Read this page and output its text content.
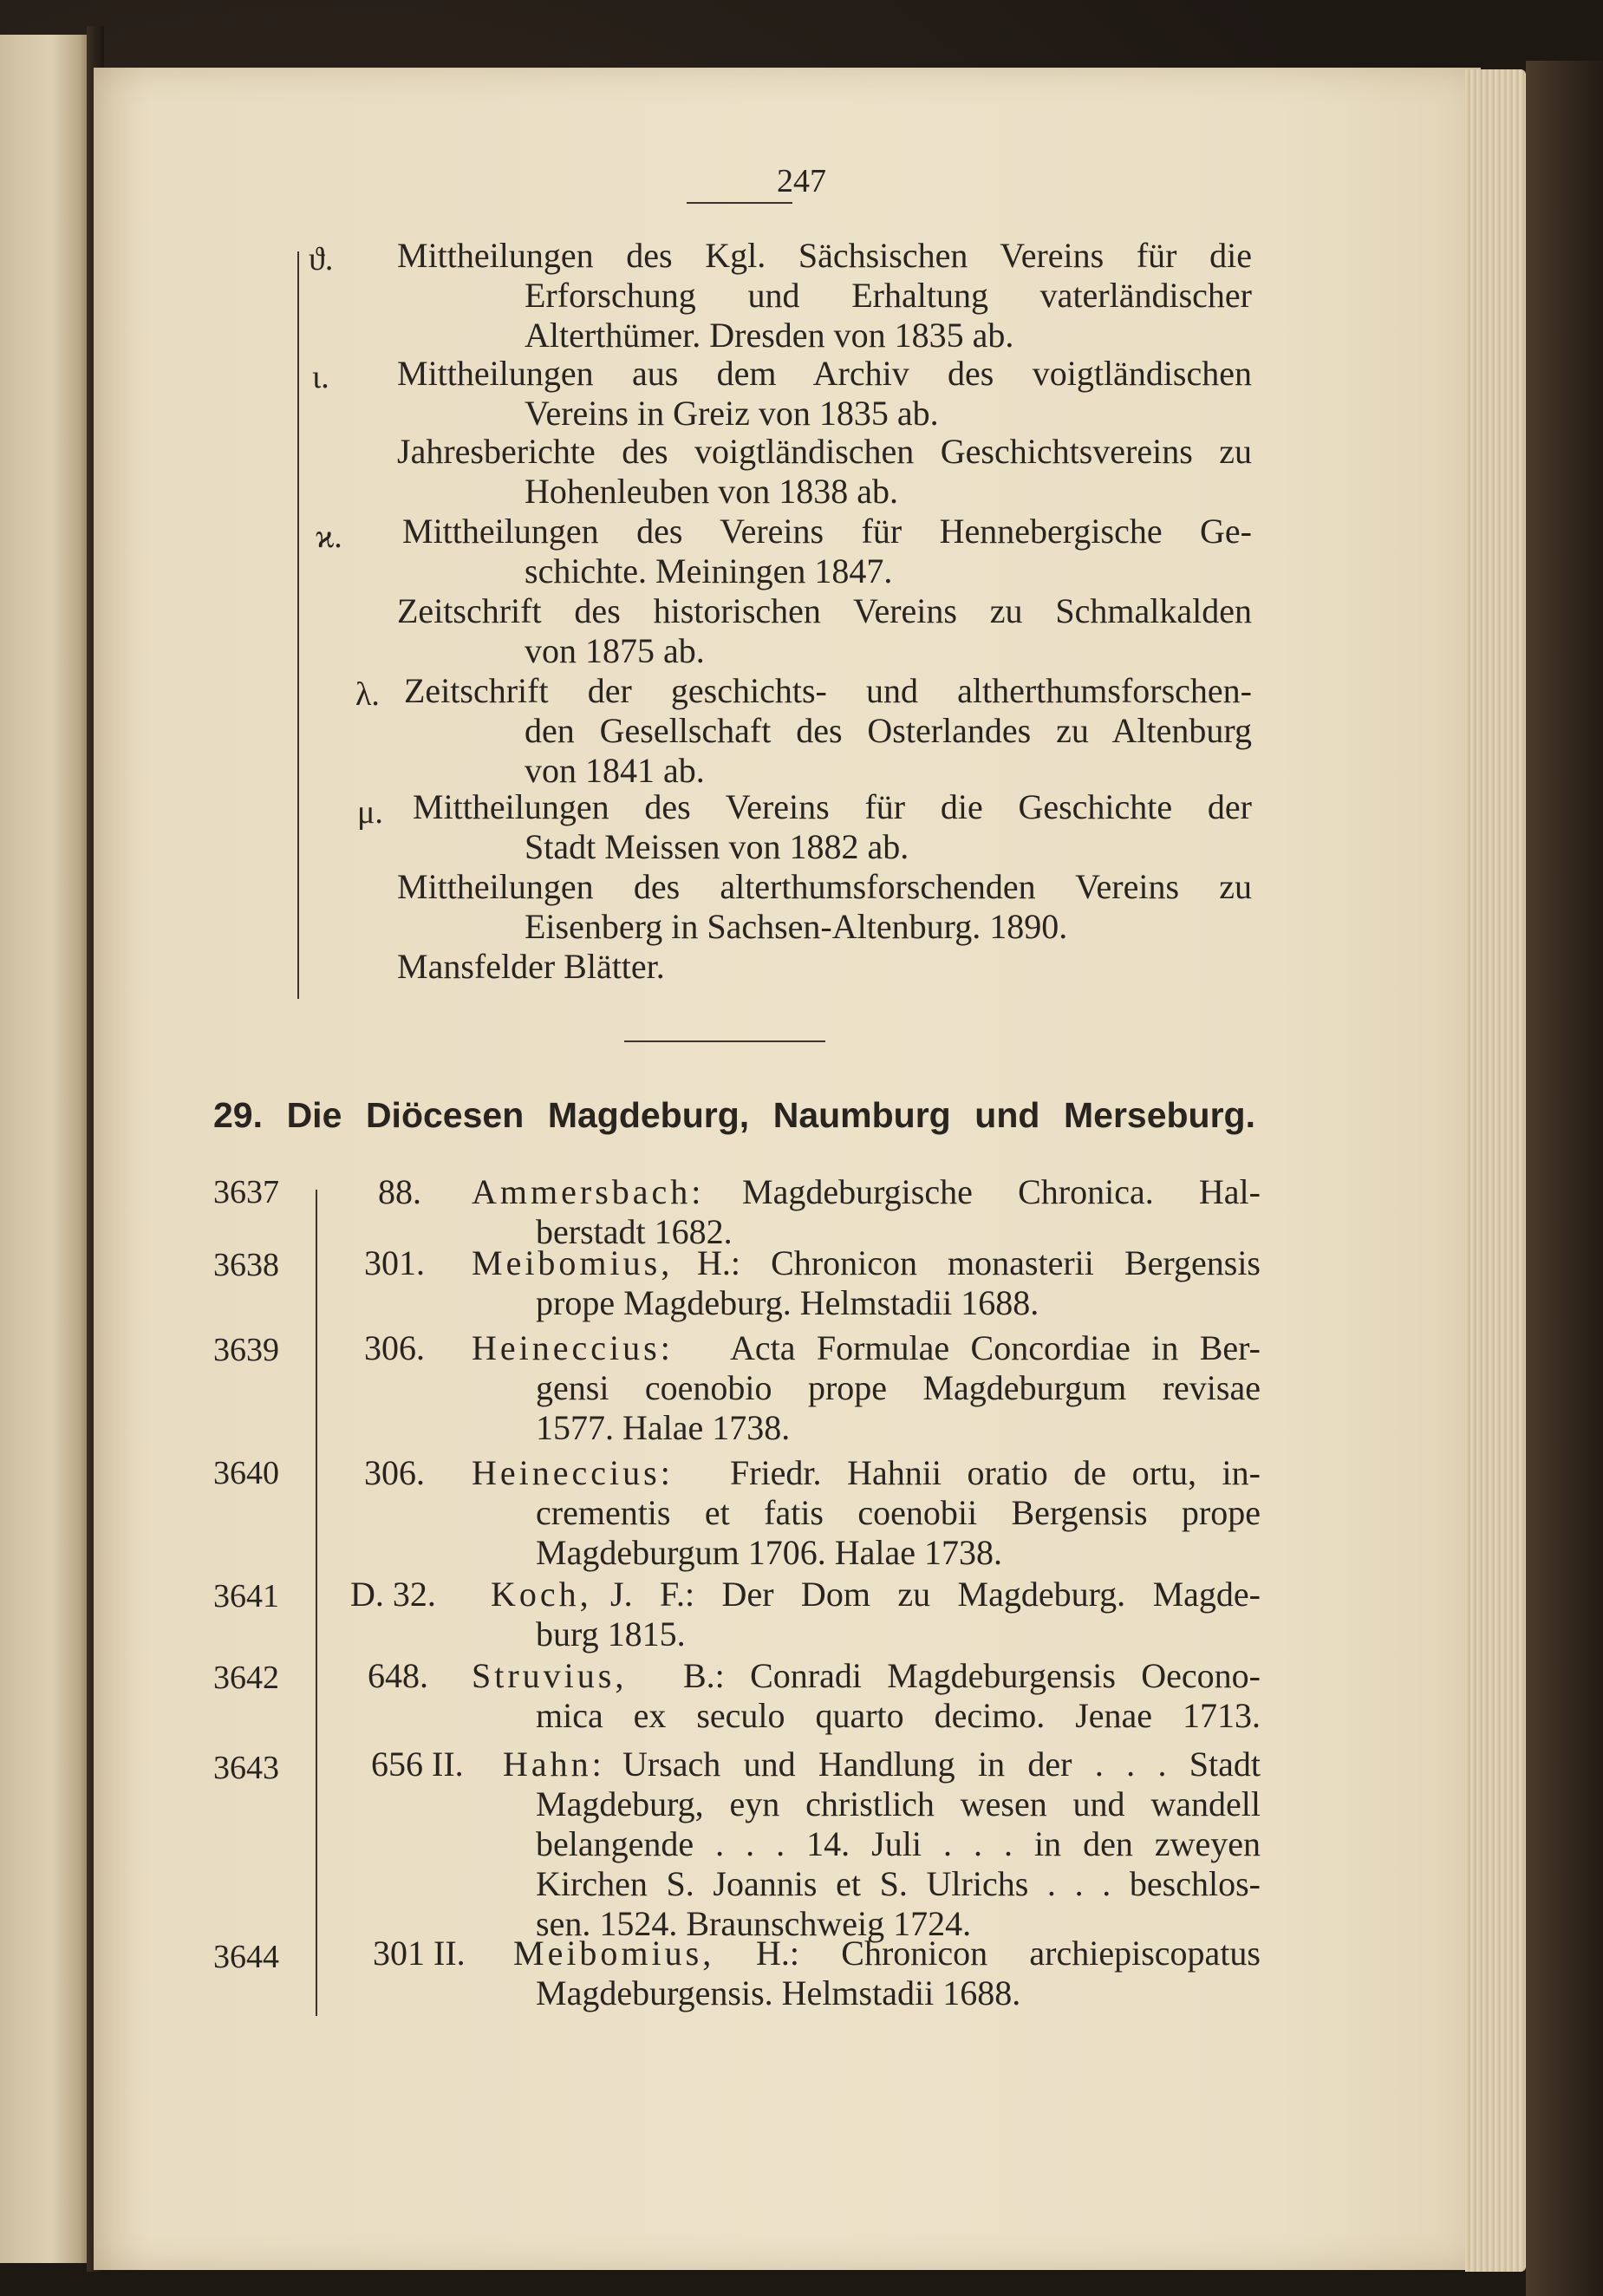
247
ϑ. Mittheilungen des Kgl. Sächsischen Vereins für die
Erforschung und Erhaltung vaterländischer
Alterthümer. Dresden von 1835 ab.
ι. Mittheilungen aus dem Archiv des voigtländischen
Vereins in Greiz von 1835 ab.
Jahresberichte des voigtländischen Geschichtsvereins zu
Hohenleuben von 1838 ab.
ϰ. Mittheilungen des Vereins für Hennebergische Ge-
schichte. Meiningen 1847.
Zeitschrift des historischen Vereins zu Schmalkalden
von 1875 ab.
λ. Zeitschrift der geschichts- und altherthumsforschen-
den Gesellschaft des Osterlandes zu Altenburg
von 1841 ab.
μ. Mittheilungen des Vereins für die Geschichte der
Stadt Meissen von 1882 ab.
Mittheilungen des alterthumsforschenden Vereins zu
Eisenberg in Sachsen-Altenburg. 1890.
Mansfelder Blätter.
29. Die Diöcesen Magdeburg, Naumburg und Merseburg.
3637	88. Ammersbach: Magdeburgische Chronica. Hal-
berstadt 1682.
3638 301. Meibomius, H.: Chronicon monasterii Bergensis
prope Magdeburg. Helmstadii 1688.
3639 306. Heineccius: Acta Formulae Concordiae in Ber-
gensi coenobio prope Magdeburgum revisae
1577. Halae 1738.
3640 306. Heineccius: Friedr. Hahnii oratio de ortu, in-
crementis et fatis coenobii Bergensis prope
Magdeburgum 1706. Halae 1738.
3641 D. 32. Koch, J. F.: Der Dom zu Magdeburg. Magde-
burg 1815.
3642	648. Struvius, B.: Conradi Magdeburgensis Oecono-
mica ex seculo quarto decimo. Jenae 1713.
3643	656 II. Hahn: Ursach und Handlung in der . . . Stadt
Magdeburg, eyn christlich wesen und wandell
belangende . . . 14. Juli . . . in den zweyen
Kirchen S. Joannis et S. Ulrichs . . . beschlos-
sen. 1524. Braunschweig 1724.
3644	301 II. Meibomius, H.: Chronicon archiepiscopatus
Magdeburgensis. Helmstadii 1688.
